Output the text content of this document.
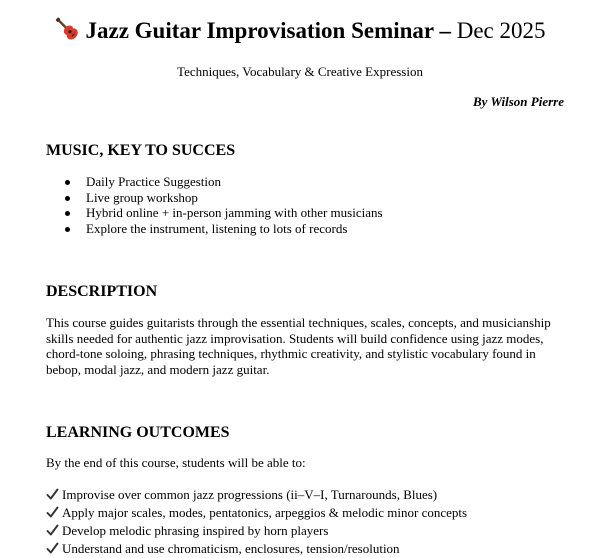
Jazz Guitar Improvisation Seminar – Dec 2025
Techniques, Vocabulary & Creative Expression
By Wilson Pierre
MUSIC, KEY TO SUCCES
Daily Practice Suggestion
Live group workshop
Hybrid online + in-person jamming with other musicians
Explore the instrument, listening to lots of records
DESCRIPTION
This course guides guitarists through the essential techniques, scales, concepts, and musicianship skills needed for authentic jazz improvisation. Students will build confidence using jazz modes, chord-tone soloing, phrasing techniques, rhythmic creativity, and stylistic vocabulary found in bebop, modal jazz, and modern jazz guitar.
LEARNING OUTCOMES
By the end of this course, students will be able to:
Improvise over common jazz progressions (ii–V–I, Turnarounds, Blues)
Apply major scales, modes, pentatonics, arpeggios & melodic minor concepts
Develop melodic phrasing inspired by horn players
Understand and use chromaticism, enclosures, tension/resolution
